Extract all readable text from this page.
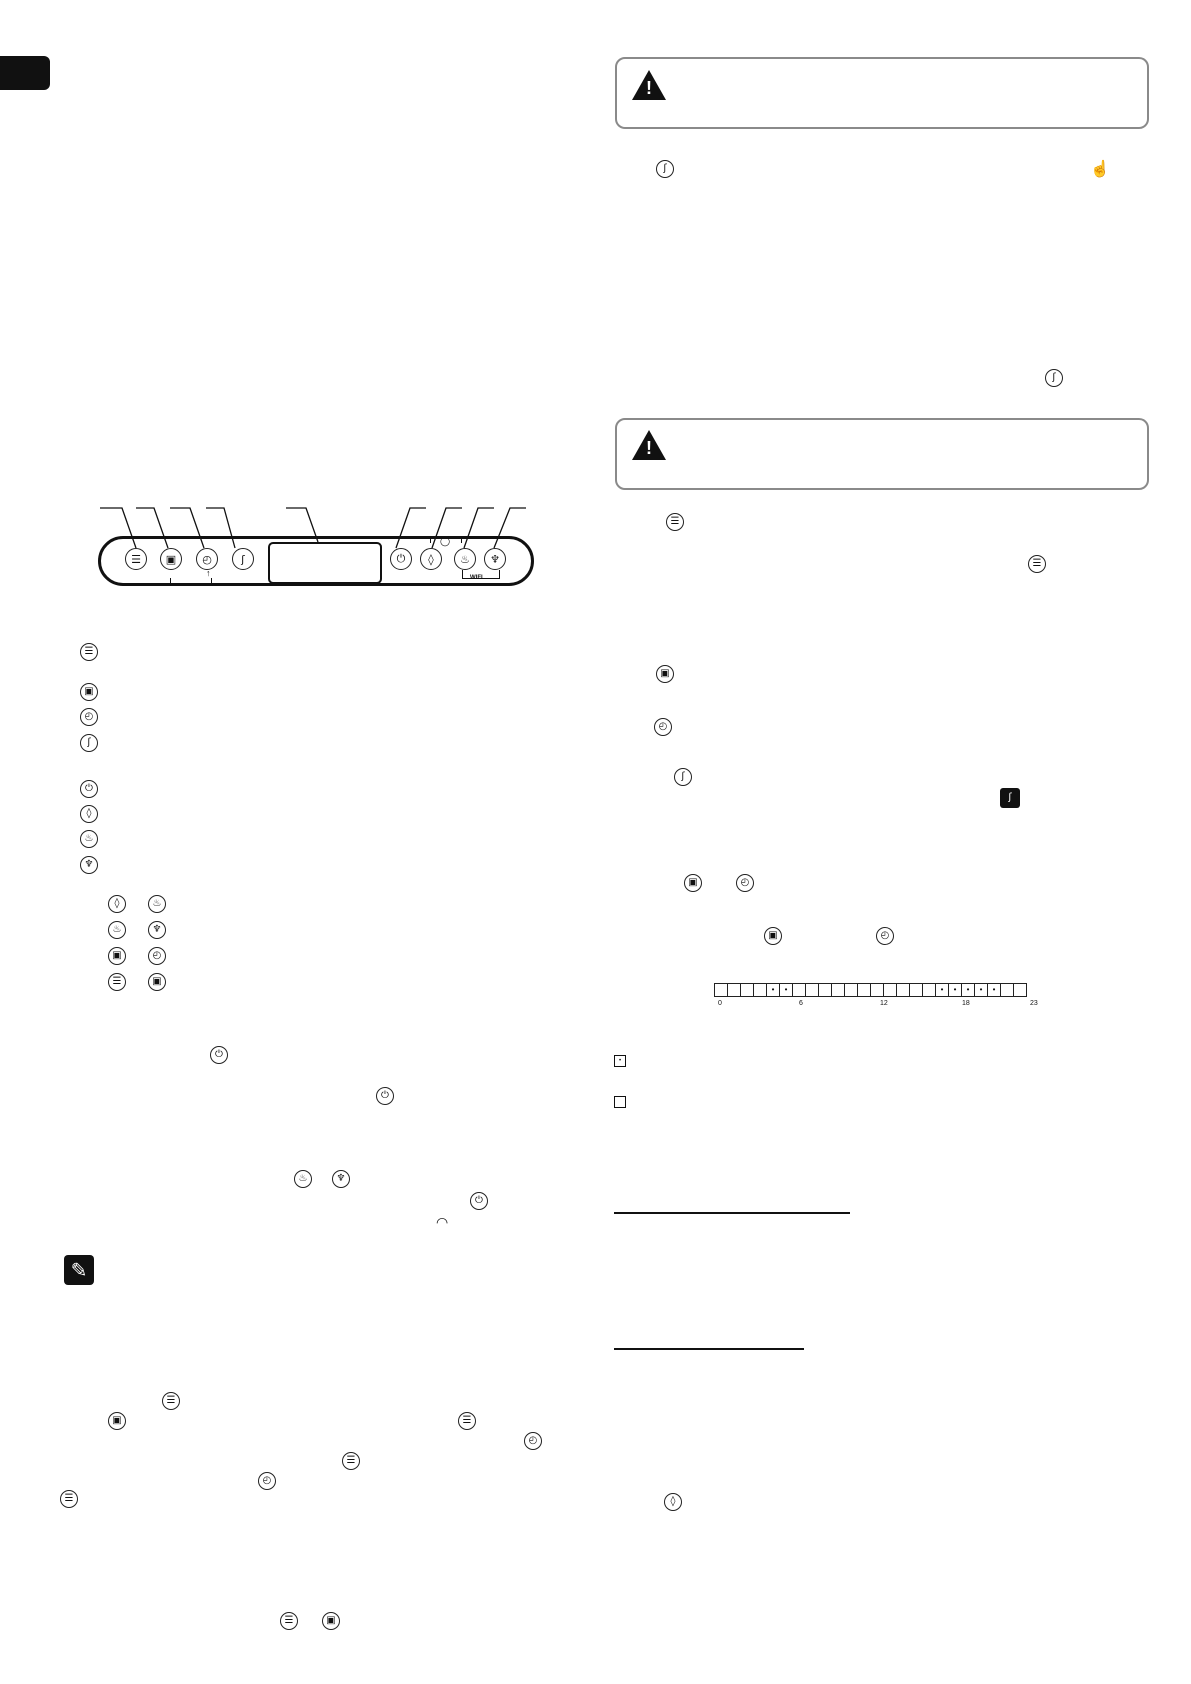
!
!
ʃ	☝
ʃ
☰
☰
▣
◴
ʃ
ʃ
▣	◴
▣	◴
◊
				•	•												•	•	•	•	•		
0	6	12	18	23
•
☰	▣	◴	ʃ	⏻	◊	♨	♆
↑	WIFI
◯
☰
▣
◴
ʃ
⏻
◊
♨
♆
◊	♨
♨	♆
▣	◴
☰	▣
⏻
⏻
♨	♆
⏻
◠
✎
☰
▣	☰
◴
☰
◴
☰
☰	▣
